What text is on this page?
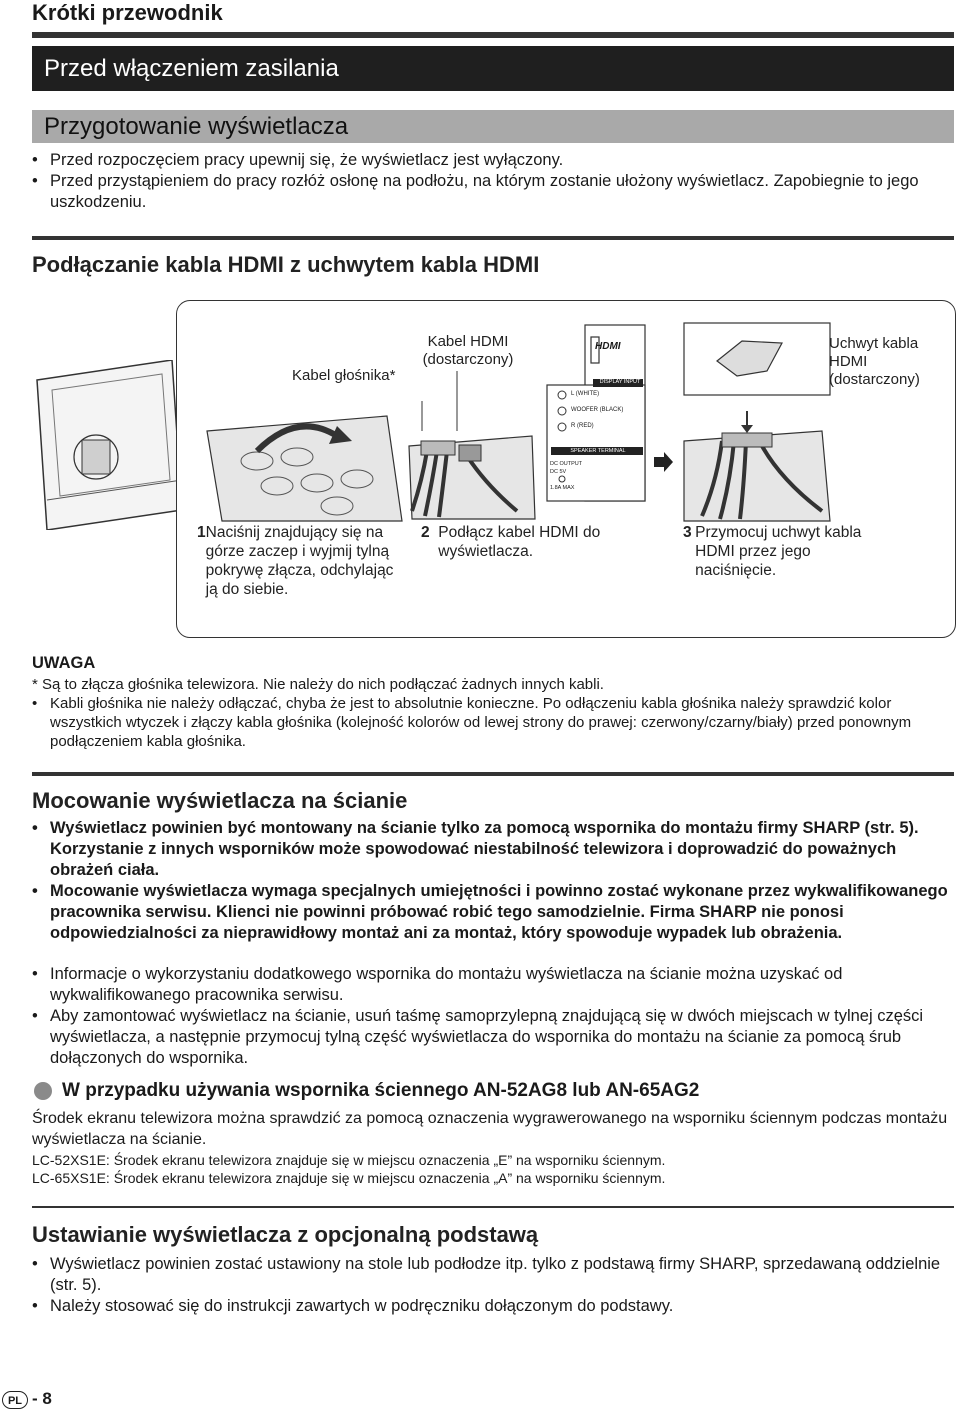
Krótki przewodnik
Przed włączeniem zasilania
Przygotowanie wyświetlacza
• Przed rozpoczęciem pracy upewnij się, że wyświetlacz jest wyłączony.
• Przed przystąpieniem do pracy rozłóż osłonę na podłożu, na którym zostanie ułożony wyświetlacz. Zapobiegnie to jego uszkodzeniu.
Podłączanie kabla HDMI z uchwytem kabla HDMI
Kabel głośnika*
Kabel HDMI (dostarczony)
HDMI
DISPLAY INPUT
L (WHITE)
WOOFER (BLACK)
R (RED)
SPEAKER TERMINAL
DC OUTPUT
DC 5V
1.8A MAX
Uchwyt kabla HDMI (dostarczony)
1 Naciśnij znajdujący się na górze zaczep i wyjmij tylną pokrywę złącza, odchylając ją do siebie.
2 Podłącz kabel HDMI do wyświetlacza.
3 Przymocuj uchwyt kabla HDMI przez jego naciśnięcie.
UWAGA
* Są to złącza głośnika telewizora. Nie należy do nich podłączać żadnych innych kabli.
• Kabli głośnika nie należy odłączać, chyba że jest to absolutnie konieczne. Po odłączeniu kabla głośnika należy sprawdzić kolor wszystkich wtyczek i złączy kabla głośnika (kolejność kolorów od lewej strony do prawej: czerwony/czarny/biały) przed ponownym podłączeniem kabla głośnika.
Mocowanie wyświetlacza na ścianie
• Wyświetlacz powinien być montowany na ścianie tylko za pomocą wspornika do montażu firmy SHARP (str. 5). Korzystanie z innych wsporników może spowodować niestabilność telewizora i doprowadzić do poważnych obrażeń ciała.
• Mocowanie wyświetlacza wymaga specjalnych umiejętności i powinno zostać wykonane przez wykwalifikowanego pracownika serwisu. Klienci nie powinni próbować robić tego samodzielnie. Firma SHARP nie ponosi odpowiedzialności za nieprawidłowy montaż ani za montaż, który spowoduje wypadek lub obrażenia.
• Informacje o wykorzystaniu dodatkowego wspornika do montażu wyświetlacza na ścianie można uzyskać od wykwalifikowanego pracownika serwisu.
• Aby zamontować wyświetlacz na ścianie, usuń taśmę samoprzylepną znajdującą się w dwóch miejscach w tylnej części wyświetlacza, a następnie przymocuj tylną część wyświetlacza do wspornika do montażu na ścianie za pomocą śrub dołączonych do wspornika.
W przypadku używania wspornika ściennego AN-52AG8 lub AN-65AG2
Środek ekranu telewizora można sprawdzić za pomocą oznaczenia wygrawerowanego na wsporniku ściennym podczas montażu wyświetlacza na ścianie.
LC-52XS1E: Środek ekranu telewizora znajduje się w miejscu oznaczenia „E” na wsporniku ściennym.
LC-65XS1E: Środek ekranu telewizora znajduje się w miejscu oznaczenia „A” na wsporniku ściennym.
Ustawianie wyświetlacza z opcjonalną podstawą
• Wyświetlacz powinien zostać ustawiony na stole lub podłodze itp. tylko z podstawą firmy SHARP, sprzedawaną oddzielnie (str. 5).
• Należy stosować się do instrukcji zawartych w podręczniku dołączonym do podstawy.
PL - 8
